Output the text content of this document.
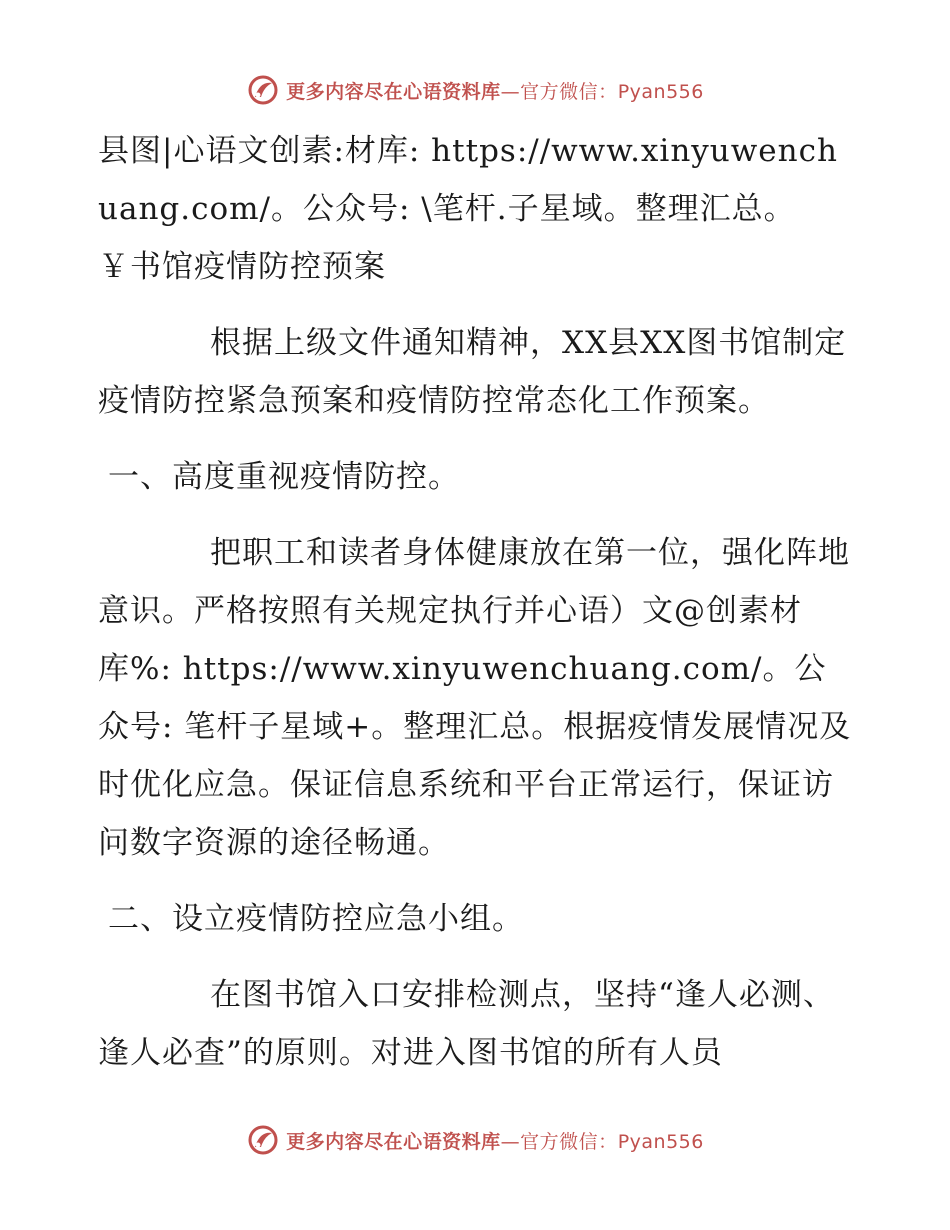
更多内容尽在心语资料库—官方微信：Pyan556

县图|心语文创素:材库: https://www.xinyuwenchuang.com/。公众号: \笔杆.子星域。整理汇总。￥书馆疫情防控预案

根据上级文件通知精神，XX县XX图书馆制定疫情防控紧急预案和疫情防控常态化工作预案。

一、高度重视疫情防控。

把职工和读者身体健康放在第一位，强化阵地意识。严格按照有关规定执行并心语）文@创素材库%: https://www.xinyuwenchuang.com/。公众号: 笔杆子星域+。整理汇总。根据疫情发展情况及时优化应急。保证信息系统和平台正常运行，保证访问数字资源的途径畅通。

二、设立疫情防控应急小组。

在图书馆入口安排检测点，坚持“逢人必测、逢人必查”的原则。对进入图书馆的所有人员

更多内容尽在心语资料库—官方微信：Pyan556
